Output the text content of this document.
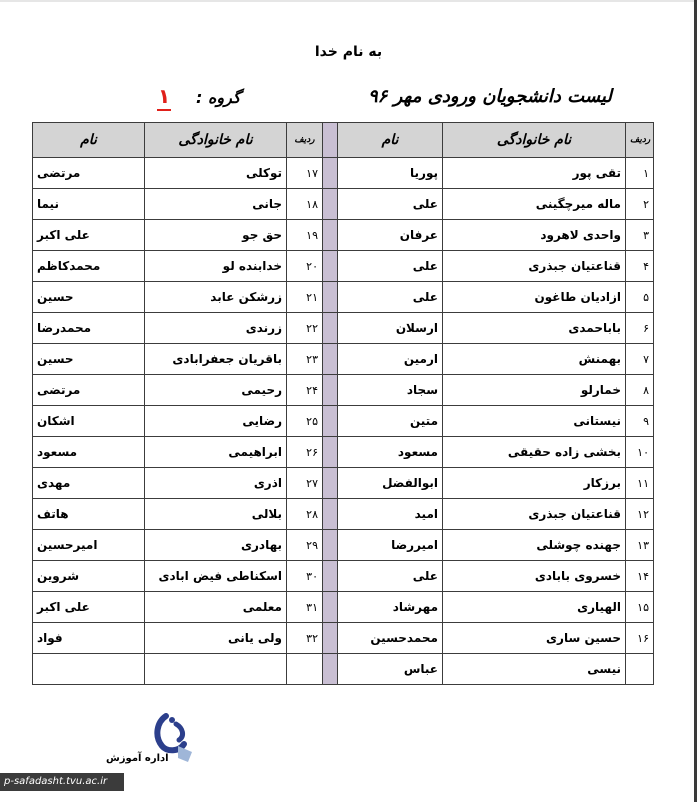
به نام خدا
لیست دانشجویان ورودی مهر ۹۶
گروه :
۱
نام	نام خانوادگی	ردیف		نام	نام خانوادگی	ردیف
مرتضی	توکلی	۱۷		پوریا	تقی پور	۱
نیما	جانی	۱۸		علی	ماله میرچگینی	۲
علی اکبر	حق جو	۱۹		عرفان	واحدی لاهرود	۳
محمدکاظم	خدابنده لو	۲۰		علی	قناعتیان جبذری	۴
حسین	زرشکن عابد	۲۱		علی	ازادیان طاغون	۵
محمدرضا	زرندی	۲۲		ارسلان	باباحمدی	۶
حسین	باقریان جعفرابادی	۲۳		ارمین	بهمنش	۷
مرتضی	رحیمی	۲۴		سجاد	خمارلو	۸
اشکان	رضایی	۲۵		متین	نیستانی	۹
مسعود	ابراهیمی	۲۶		مسعود	بخشی زاده حقیقی	۱۰
مهدی	اذری	۲۷		ابوالفضل	برزکار	۱۱
هاتف	بلالی	۲۸		امید	قناعتیان جبذری	۱۲
امیرحسین	بهادری	۲۹		امیررضا	جهنده چوشلی	۱۳
شروین	اسکناطی فیض ابادی	۳۰		علی	خسروی بابادی	۱۴
علی اکبر	معلمی	۳۱		مهرشاد	الهیاری	۱۵
فواد	ولی یانی	۳۲		محمدحسین	حسین ساری	۱۶
				عباس	نیسی	
اداره آموزش
p-safadasht.tvu.ac.ir
